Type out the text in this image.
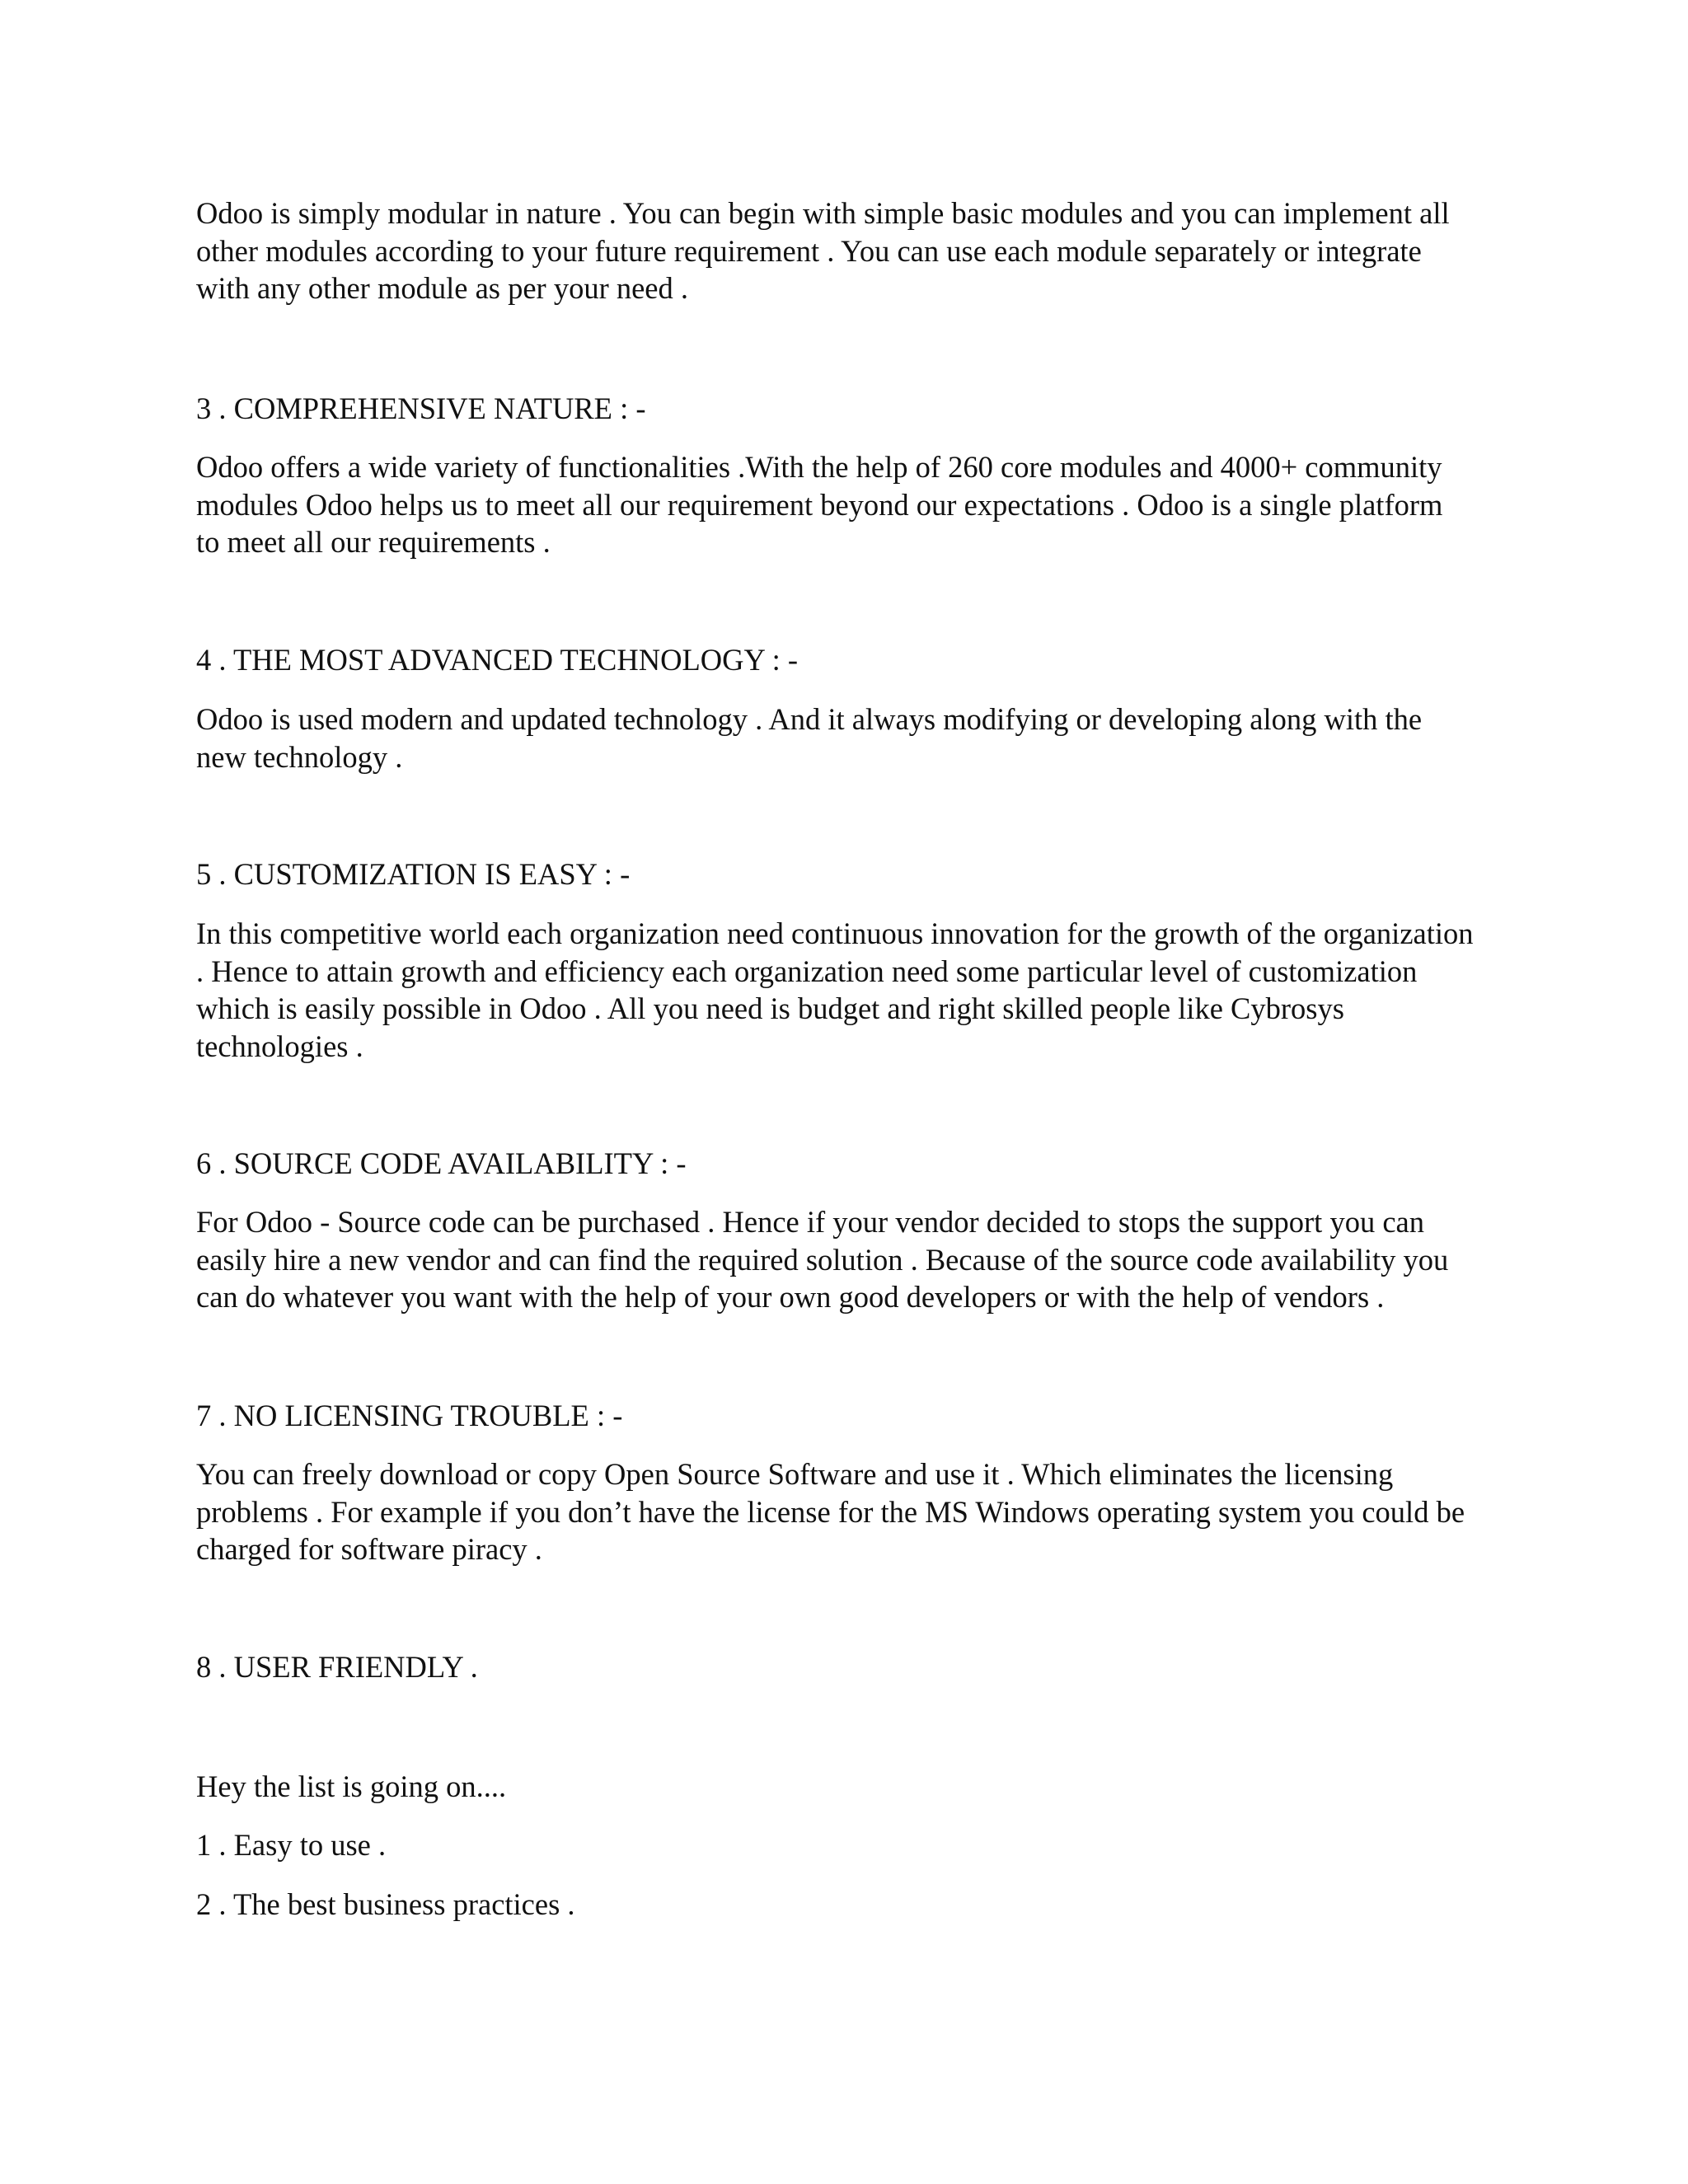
Odoo is simply modular in nature . You can begin with simple basic modules and you can implement all
other modules according to your future requirement . You can use each module separately or integrate
with any other module as per your need .

3 . COMPREHENSIVE NATURE : -

Odoo offers a wide variety of functionalities .With the help of 260 core modules and 4000+ community
modules Odoo helps us to meet all our requirement beyond our expectations . Odoo is a single platform
to meet all our requirements .

4 . THE MOST ADVANCED TECHNOLOGY : -

Odoo is used modern and updated technology . And it always modifying or developing along with the
new technology .

5 . CUSTOMIZATION IS EASY : -

In this competitive world each organization need continuous innovation for the growth of the organization
. Hence to attain growth and efficiency each organization need some particular level of customization
which is easily possible in Odoo . All you need is budget and right skilled people like Cybrosys
technologies .

6 . SOURCE CODE AVAILABILITY : -

For Odoo - Source code can be purchased . Hence if your vendor decided to stops the support you can
easily hire a new vendor and can find the required solution . Because of the source code availability you
can do whatever you want with the help of your own good developers or with the help of vendors .

7 . NO LICENSING TROUBLE : -

You can freely download or copy Open Source Software and use it . Which eliminates the licensing
problems . For example if you don’t have the license for the MS Windows operating system you could be
charged for software piracy .

8 . USER FRIENDLY .

Hey the list is going on....

1 . Easy to use .

2 . The best business practices .
